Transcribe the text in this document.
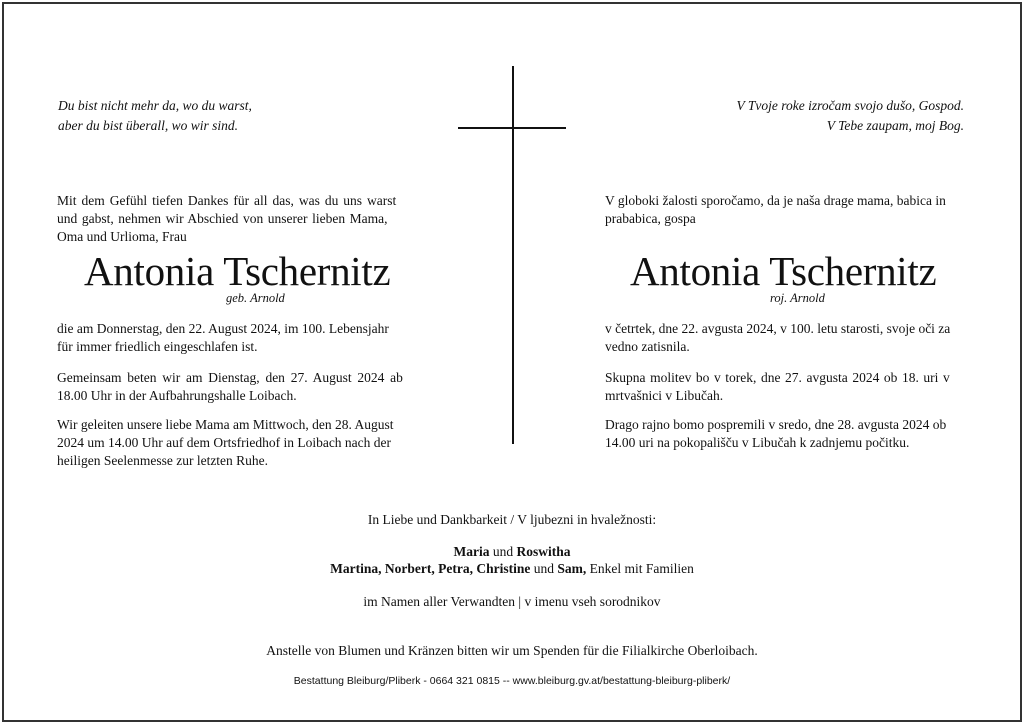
Du bist nicht mehr da, wo du warst,
aber du bist überall, wo wir sind.
V Tvoje roke izročam svojo dušo, Gospod.
V Tebe zaupam, moj Bog.
Mit dem Gefühl tiefen Dankes für all das, was du uns warst
und gabst, nehmen wir Abschied von unserer lieben Mama,
Oma und Urlioma, Frau
Antonia Tschernitz
geb. Arnold
die am Donnerstag, den 22. August 2024, im 100. Lebensjahr
für immer friedlich eingeschlafen ist.
Gemeinsam beten wir am Dienstag, den 27. August 2024 ab
18.00 Uhr in der Aufbahrungshalle Loibach.
Wir geleiten unsere liebe Mama am Mittwoch, den 28. August
2024 um 14.00 Uhr auf dem Ortsfriedhof in Loibach nach der
heiligen Seelenmesse zur letzten Ruhe.
V globoki žalosti sporočamo, da je naša drage mama, babica in
prababica, gospa
Antonia Tschernitz
roj. Arnold
v četrtek, dne 22. avgusta 2024, v 100. letu starosti, svoje oči za
vedno zatisnila.
Skupna molitev bo v torek, dne 27. avgusta 2024 ob 18. uri v
mrtvašnici v Libučah.
Drago rajno bomo pospremili v sredo, dne 28. avgusta 2024 ob
14.00 uri na pokopališču v Libučah k zadnjemu počitku.
In Liebe und Dankbarkeit / V ljubezni in hvaležnosti:
Maria und Roswitha
Martina, Norbert, Petra, Christine und Sam, Enkel mit Familien
im Namen aller Verwandten | v imenu vseh sorodnikov
Anstelle von Blumen und Kränzen bitten wir um Spenden für die Filialkirche Oberloibach.
Bestattung Bleiburg/Pliberk - 0664 321 0815 -- www.bleiburg.gv.at/bestattung-bleiburg-pliberk/
